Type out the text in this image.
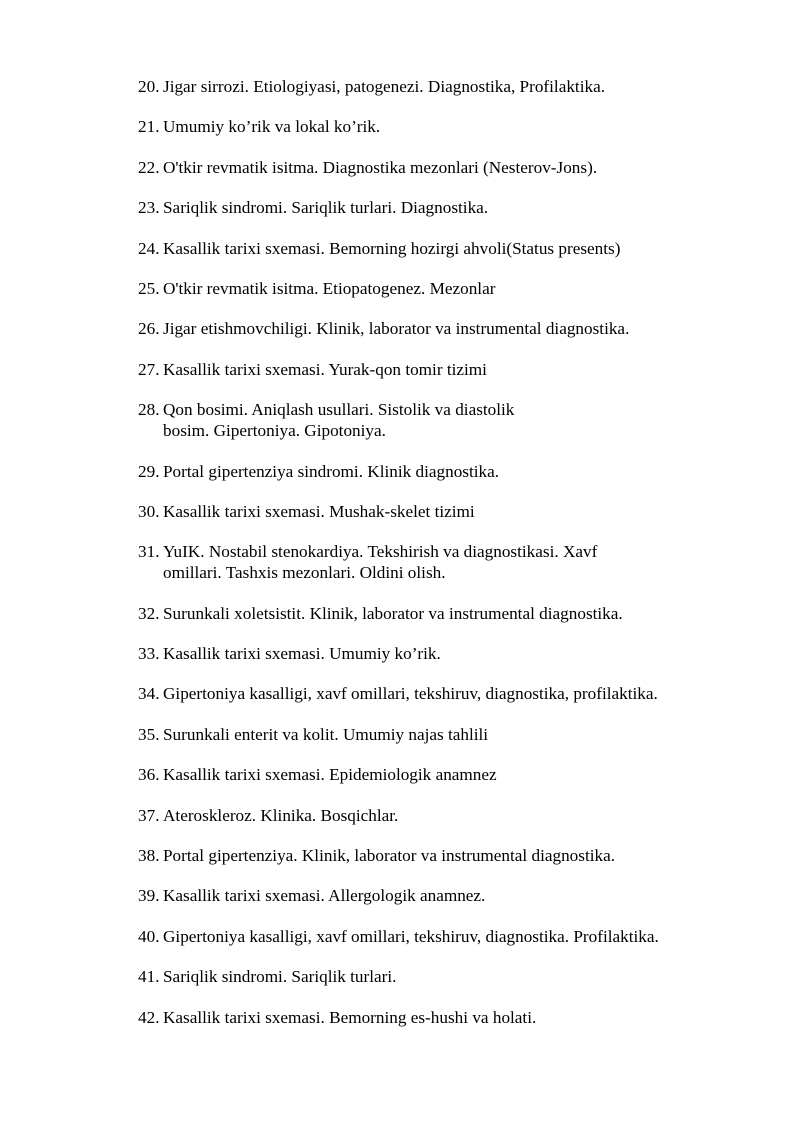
20. Jigar sirrozi. Etiologiyasi, patogenezi. Diagnostika, Profilaktika.
21. Umumiy ko’rik va lokal ko’rik.
22. O'tkir revmatik isitma. Diagnostika mezonlari (Nesterov-Jons).
23. Sariqlik sindromi. Sariqlik turlari. Diagnostika.
24. Kasallik tarixi sxemasi. Bemorning hozirgi ahvoli(Status presents)
25. O'tkir revmatik isitma. Etiopatogenez. Mezonlar
26. Jigar etishmovchiligi. Klinik, laborator va instrumental diagnostika.
27. Kasallik tarixi sxemasi. Yurak-qon tomir tizimi
28. Qon bosimi. Aniqlash usullari. Sistolik va diastolik
bosim. Gipertoniya. Gipotoniya.
29. Portal gipertenziya sindromi. Klinik diagnostika.
30. Kasallik tarixi sxemasi. Mushak-skelet tizimi
31. YuIK. Nostabil stenokardiya. Tekshirish va diagnostikasi. Xavf
omillari. Tashxis mezonlari. Oldini olish.
32. Surunkali xoletsistit. Klinik, laborator va instrumental diagnostika.
33. Kasallik tarixi sxemasi. Umumiy ko’rik.
34. Gipertoniya kasalligi, xavf omillari, tekshiruv, diagnostika, profilaktika.
35. Surunkali enterit va kolit. Umumiy najas tahlili
36. Kasallik tarixi sxemasi. Epidemiologik anamnez
37. Ateroskleroz. Klinika. Bosqichlar.
38. Portal gipertenziya. Klinik, laborator va instrumental diagnostika.
39. Kasallik tarixi sxemasi. Allergologik anamnez.
40. Gipertoniya kasalligi, xavf omillari, tekshiruv, diagnostika. Profilaktika.
41. Sariqlik sindromi. Sariqlik turlari.
42. Kasallik tarixi sxemasi. Bemorning es-hushi va holati.
